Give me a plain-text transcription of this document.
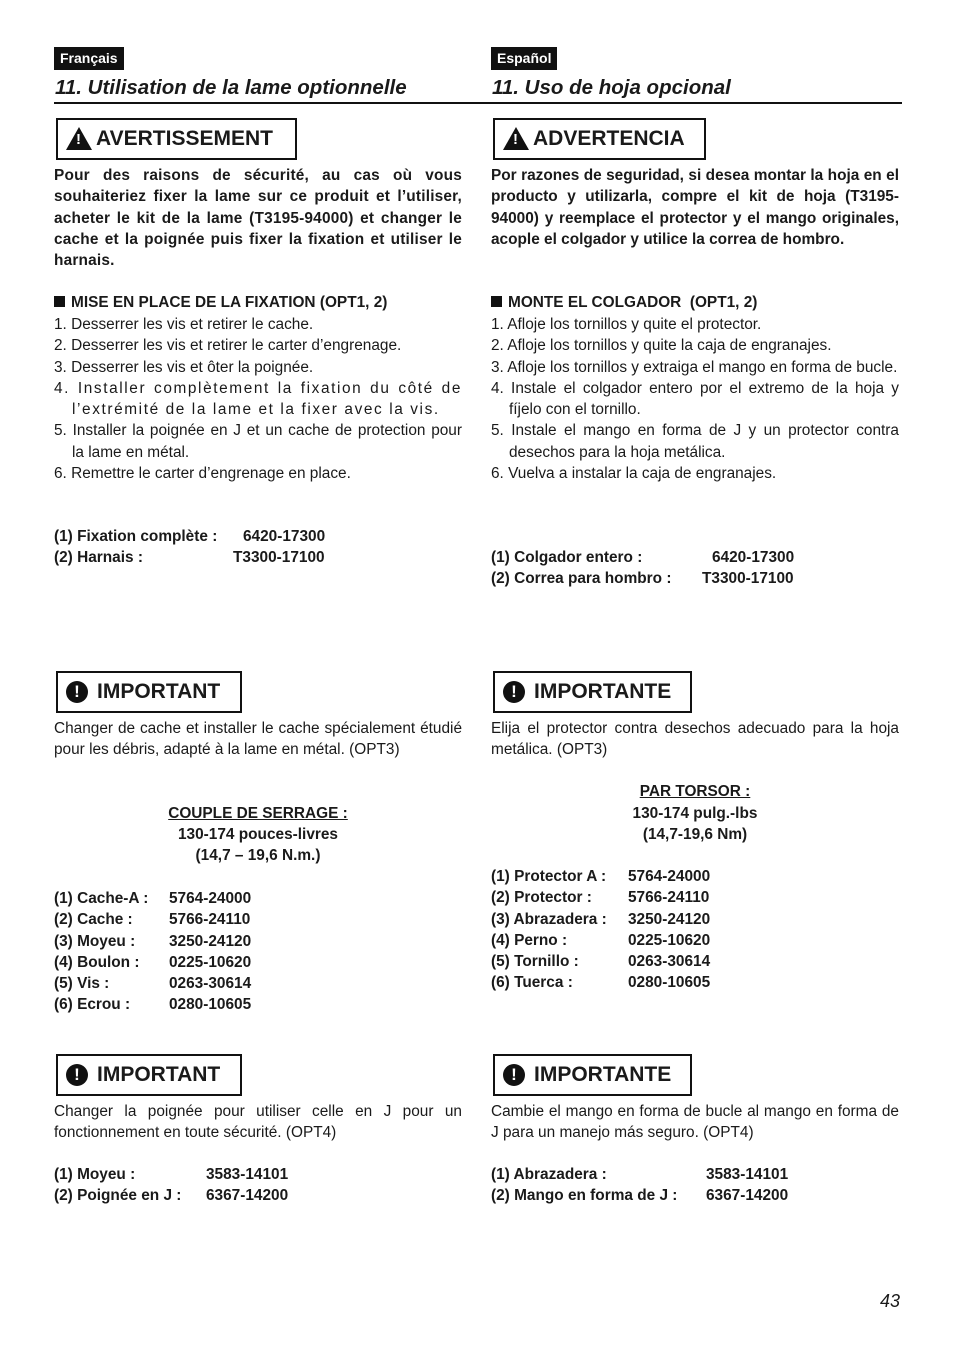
Français
11. Utilisation de la lame optionnelle
!
AVERTISSEMENT
Pour des raisons de sécurité, au cas où vous souhaiteriez fixer la lame sur ce produit et l’utiliser, acheter le kit de la lame (T3195-94000) et changer le cache et la poignée puis fixer la fixation et utiliser le harnais.
MISE EN PLACE DE LA FIXATION (OPT1, 2)
1. Desserrer les vis et retirer le cache.
2. Desserrer les vis et retirer le carter d’engrenage.
3. Desserrer les vis et ôter la poignée.
4. Installer complètement la fixation du côté de l’extrémité de la lame et la fixer avec la vis.
5. Installer la poignée en J et un cache de protection pour la lame en métal.
6. Remettre le carter d’engrenage en place.
(1) Fixation complète :	6420-17300
(2) Harnais :	T3300-17100
! IMPORTANT
Changer de cache et installer le cache spécialement étudié pour les débris, adapté à la lame en métal. (OPT3)
COUPLE DE SERRAGE :
130-174 pouces-livres
(14,7 – 19,6 N.m.)
(1) Cache-A :	5764-24000
(2) Cache :	5766-24110
(3) Moyeu :	3250-24120
(4) Boulon :	0225-10620
(5) Vis :	0263-30614
(6) Ecrou :	0280-10605
! IMPORTANT
Changer la poignée pour utiliser celle en J pour un fonctionnement en toute sécurité. (OPT4)
(1) Moyeu :	3583-14101
(2) Poignée en J :	6367-14200
Español
11. Uso de hoja opcional
!
ADVERTENCIA
Por razones de seguridad, si desea montar la hoja en el producto y utilizarla, compre el kit de hoja (T3195-94000) y reemplace el protector y el mango originales, acople el colgador y utilice la correa de hombro.
MONTE EL COLGADOR  (OPT1, 2)
1. Afloje los tornillos y quite el protector.
2. Afloje los tornillos y quite la caja de engranajes.
3. Afloje los tornillos y extraiga el mango en forma de bucle.
4. Instale el colgador entero por el extremo de la hoja y fíjelo con el tornillo.
5. Instale el mango en forma de J y un protector contra desechos para la hoja metálica.
6. Vuelva a instalar la caja de engranajes.
(1) Colgador entero :	6420-17300
(2) Correa para hombro :	T3300-17100
! IMPORTANTE
Elija el protector contra desechos adecuado para la hoja metálica. (OPT3)
PAR TORSOR :
130-174 pulg.-lbs
(14,7-19,6 Nm)
(1) Protector A :	5764-24000
(2) Protector :	5766-24110
(3) Abrazadera :	3250-24120
(4) Perno :	0225-10620
(5) Tornillo :	0263-30614
(6) Tuerca :	0280-10605
! IMPORTANTE
Cambie el mango en forma de bucle al mango en forma de J para un manejo más seguro. (OPT4)
(1) Abrazadera :	3583-14101
(2) Mango en forma de J :	6367-14200
43
